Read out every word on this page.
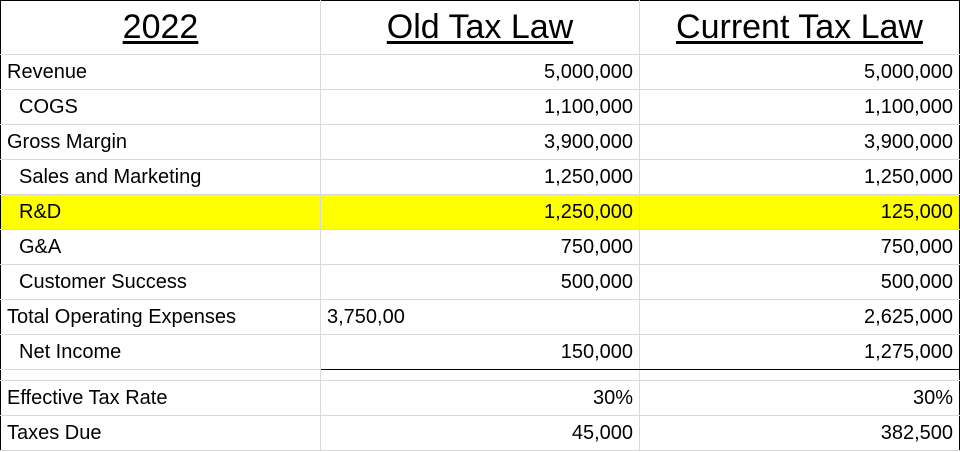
2022	Old Tax Law	Current Tax Law
Revenue	5,000,000	5,000,000
COGS	1,100,000	1,100,000
Gross Margin	3,900,000	3,900,000
Sales and Marketing	1,250,000	1,250,000
R&D	1,250,000	125,000
G&A	750,000	750,000
Customer Success	500,000	500,000
Total Operating Expenses	3,750,00	2,625,000
Net Income	150,000	1,275,000

Effective Tax Rate	30%	30%
Taxes Due	45,000	382,500
